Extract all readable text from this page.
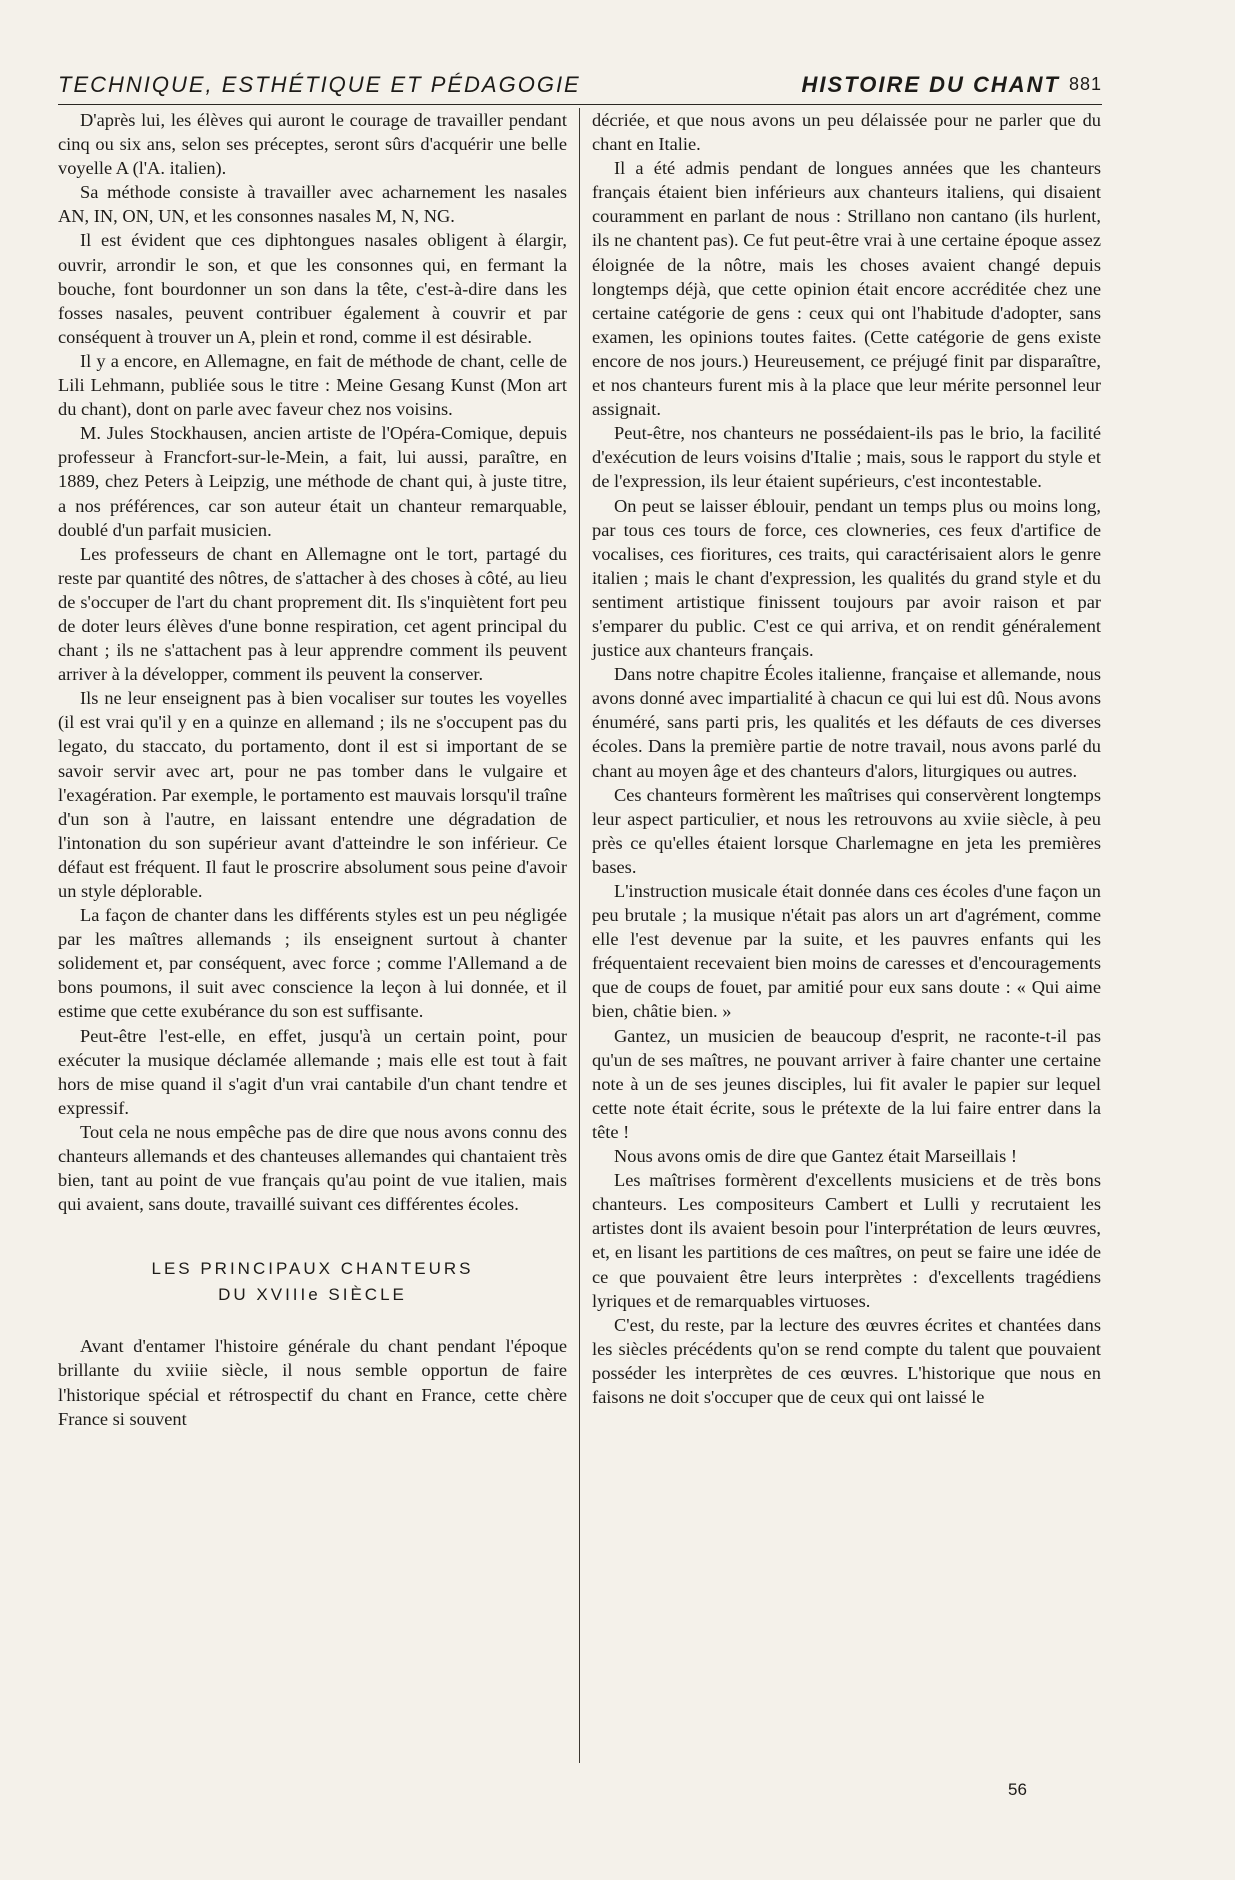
TECHNIQUE, ESTHÉTIQUE ET PÉDAGOGIE	HISTOIRE DU CHANT 881

D'après lui, les élèves qui auront le courage de travailler pendant cinq ou six ans, selon ses préceptes, seront sûrs d'acquérir une belle voyelle A (l'A. italien).

Sa méthode consiste à travailler avec acharnement les nasales AN, IN, ON, UN, et les consonnes nasales M, N, NG.

Il est évident que ces diphtongues nasales obligent à élargir, ouvrir, arrondir le son, et que les consonnes qui, en fermant la bouche, font bourdonner un son dans la tête, c'est-à-dire dans les fosses nasales, peuvent contribuer également à couvrir et par conséquent à trouver un A, plein et rond, comme il est désirable.

Il y a encore, en Allemagne, en fait de méthode de chant, celle de Lili Lehmann, publiée sous le titre : Meine Gesang Kunst (Mon art du chant), dont on parle avec faveur chez nos voisins.

M. Jules Stockhausen, ancien artiste de l'Opéra-Comique, depuis professeur à Francfort-sur-le-Mein, a fait, lui aussi, paraître, en 1889, chez Peters à Leipzig, une méthode de chant qui, à juste titre, a nos préférences, car son auteur était un chanteur remarquable, doublé d'un parfait musicien.

Les professeurs de chant en Allemagne ont le tort, partagé du reste par quantité des nôtres, de s'attacher à des choses à côté, au lieu de s'occuper de l'art du chant proprement dit. Ils s'inquiètent fort peu de doter leurs élèves d'une bonne respiration, cet agent principal du chant ; ils ne s'attachent pas à leur apprendre comment ils peuvent arriver à la développer, comment ils peuvent la conserver.

Ils ne leur enseignent pas à bien vocaliser sur toutes les voyelles (il est vrai qu'il y en a quinze en allemand ; ils ne s'occupent pas du legato, du staccato, du portamento, dont il est si important de se savoir servir avec art, pour ne pas tomber dans le vulgaire et l'exagération. Par exemple, le portamento est mauvais lorsqu'il traîne d'un son à l'autre, en laissant entendre une dégradation de l'intonation du son supérieur avant d'atteindre le son inférieur. Ce défaut est fréquent. Il faut le proscrire absolument sous peine d'avoir un style déplorable.

La façon de chanter dans les différents styles est un peu négligée par les maîtres allemands ; ils enseignent surtout à chanter solidement et, par conséquent, avec force ; comme l'Allemand a de bons poumons, il suit avec conscience la leçon à lui donnée, et il estime que cette exubérance du son est suffisante.

Peut-être l'est-elle, en effet, jusqu'à un certain point, pour exécuter la musique déclamée allemande ; mais elle est tout à fait hors de mise quand il s'agit d'un vrai cantabile d'un chant tendre et expressif.

Tout cela ne nous empêche pas de dire que nous avons connu des chanteurs allemands et des chanteuses allemandes qui chantaient très bien, tant au point de vue français qu'au point de vue italien, mais qui avaient, sans doute, travaillé suivant ces différentes écoles.

LES PRINCIPAUX CHANTEURS
DU XVIIIe SIÈCLE

Avant d'entamer l'histoire générale du chant pendant l'époque brillante du xviiie siècle, il nous semble opportun de faire l'historique spécial et rétrospectif du chant en France, cette chère France si souvent

décriée, et que nous avons un peu délaissée pour ne parler que du chant en Italie.

Il a été admis pendant de longues années que les chanteurs français étaient bien inférieurs aux chanteurs italiens, qui disaient couramment en parlant de nous : Strillano non cantano (ils hurlent, ils ne chantent pas). Ce fut peut-être vrai à une certaine époque assez éloignée de la nôtre, mais les choses avaient changé depuis longtemps déjà, que cette opinion était encore accréditée chez une certaine catégorie de gens : ceux qui ont l'habitude d'adopter, sans examen, les opinions toutes faites. (Cette catégorie de gens existe encore de nos jours.) Heureusement, ce préjugé finit par disparaître, et nos chanteurs furent mis à la place que leur mérite personnel leur assignait.

Peut-être, nos chanteurs ne possédaient-ils pas le brio, la facilité d'exécution de leurs voisins d'Italie ; mais, sous le rapport du style et de l'expression, ils leur étaient supérieurs, c'est incontestable.

On peut se laisser éblouir, pendant un temps plus ou moins long, par tous ces tours de force, ces clowneries, ces feux d'artifice de vocalises, ces fioritures, ces traits, qui caractérisaient alors le genre italien ; mais le chant d'expression, les qualités du grand style et du sentiment artistique finissent toujours par avoir raison et par s'emparer du public. C'est ce qui arriva, et on rendit généralement justice aux chanteurs français.

Dans notre chapitre Écoles italienne, française et allemande, nous avons donné avec impartialité à chacun ce qui lui est dû. Nous avons énuméré, sans parti pris, les qualités et les défauts de ces diverses écoles. Dans la première partie de notre travail, nous avons parlé du chant au moyen âge et des chanteurs d'alors, liturgiques ou autres.

Ces chanteurs formèrent les maîtrises qui conservèrent longtemps leur aspect particulier, et nous les retrouvons au xviie siècle, à peu près ce qu'elles étaient lorsque Charlemagne en jeta les premières bases.

L'instruction musicale était donnée dans ces écoles d'une façon un peu brutale ; la musique n'était pas alors un art d'agrément, comme elle l'est devenue par la suite, et les pauvres enfants qui les fréquentaient recevaient bien moins de caresses et d'encouragements que de coups de fouet, par amitié pour eux sans doute : « Qui aime bien, châtie bien. »

Gantez, un musicien de beaucoup d'esprit, ne raconte-t-il pas qu'un de ses maîtres, ne pouvant arriver à faire chanter une certaine note à un de ses jeunes disciples, lui fit avaler le papier sur lequel cette note était écrite, sous le prétexte de la lui faire entrer dans la tête !

Nous avons omis de dire que Gantez était Marseillais !

Les maîtrises formèrent d'excellents musiciens et de très bons chanteurs. Les compositeurs Cambert et Lulli y recrutaient les artistes dont ils avaient besoin pour l'interprétation de leurs œuvres, et, en lisant les partitions de ces maîtres, on peut se faire une idée de ce que pouvaient être leurs interprètes : d'excellents tragédiens lyriques et de remarquables virtuoses.

C'est, du reste, par la lecture des œuvres écrites et chantées dans les siècles précédents qu'on se rend compte du talent que pouvaient posséder les interprètes de ces œuvres. L'historique que nous en faisons ne doit s'occuper que de ceux qui ont laissé le

56
